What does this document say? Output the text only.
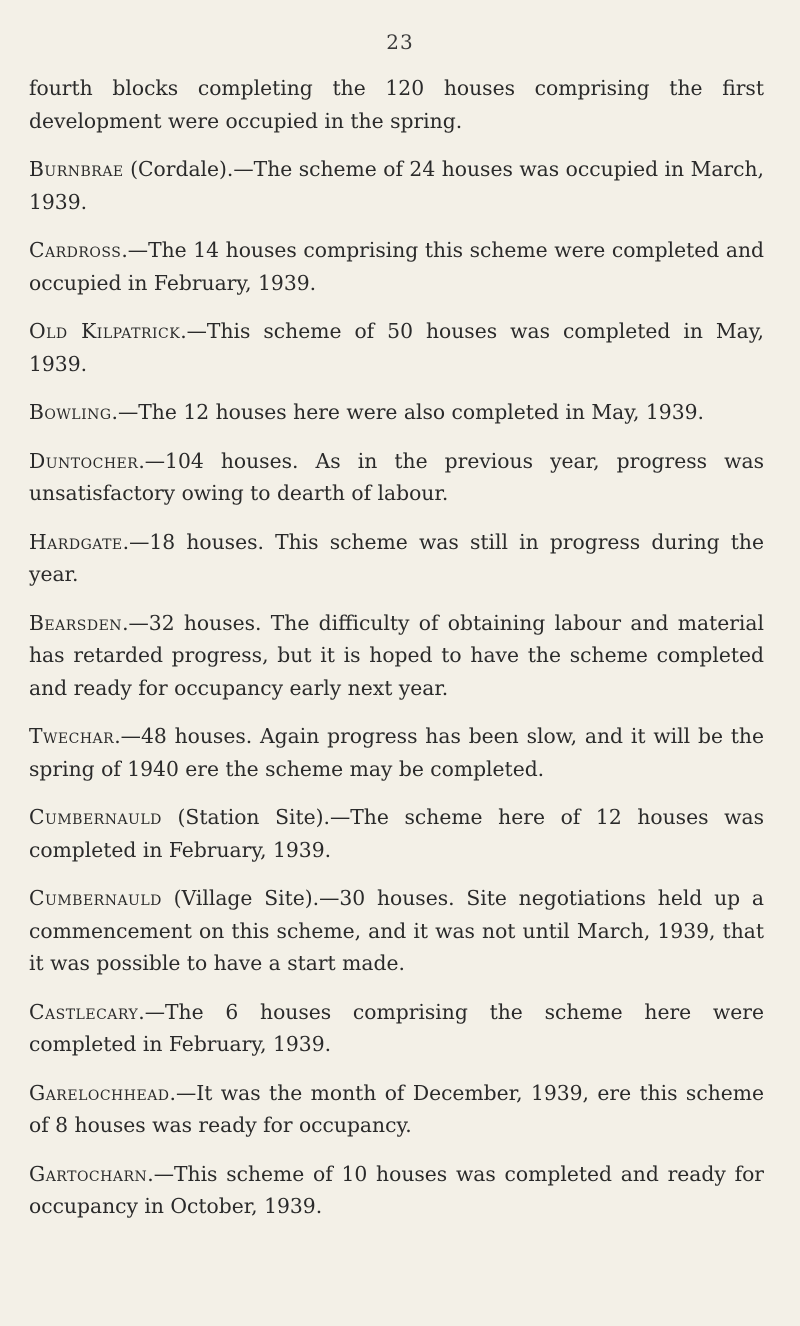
23

fourth blocks completing the 120 houses comprising the first development were occupied in the spring.

Burnbrae (Cordale).—The scheme of 24 houses was occupied in March, 1939.

Cardross.—The 14 houses comprising this scheme were completed and occupied in February, 1939.

Old Kilpatrick.—This scheme of 50 houses was completed in May, 1939.

Bowling.—The 12 houses here were also completed in May, 1939.

Duntocher.—104 houses. As in the previous year, progress was unsatisfactory owing to dearth of labour.

Hardgate.—18 houses. This scheme was still in progress during the year.

Bearsden.—32 houses. The difficulty of obtaining labour and material has retarded progress, but it is hoped to have the scheme completed and ready for occupancy early next year.

Twechar.—48 houses. Again progress has been slow, and it will be the spring of 1940 ere the scheme may be completed.

Cumbernauld (Station Site).—The scheme here of 12 houses was completed in February, 1939.

Cumbernauld (Village Site).—30 houses. Site negotiations held up a commencement on this scheme, and it was not until March, 1939, that it was possible to have a start made.

Castlecary.—The 6 houses comprising the scheme here were completed in February, 1939.

Garelochhead.—It was the month of December, 1939, ere this scheme of 8 houses was ready for occupancy.

Gartocharn.—This scheme of 10 houses was completed and ready for occupancy in October, 1939.
